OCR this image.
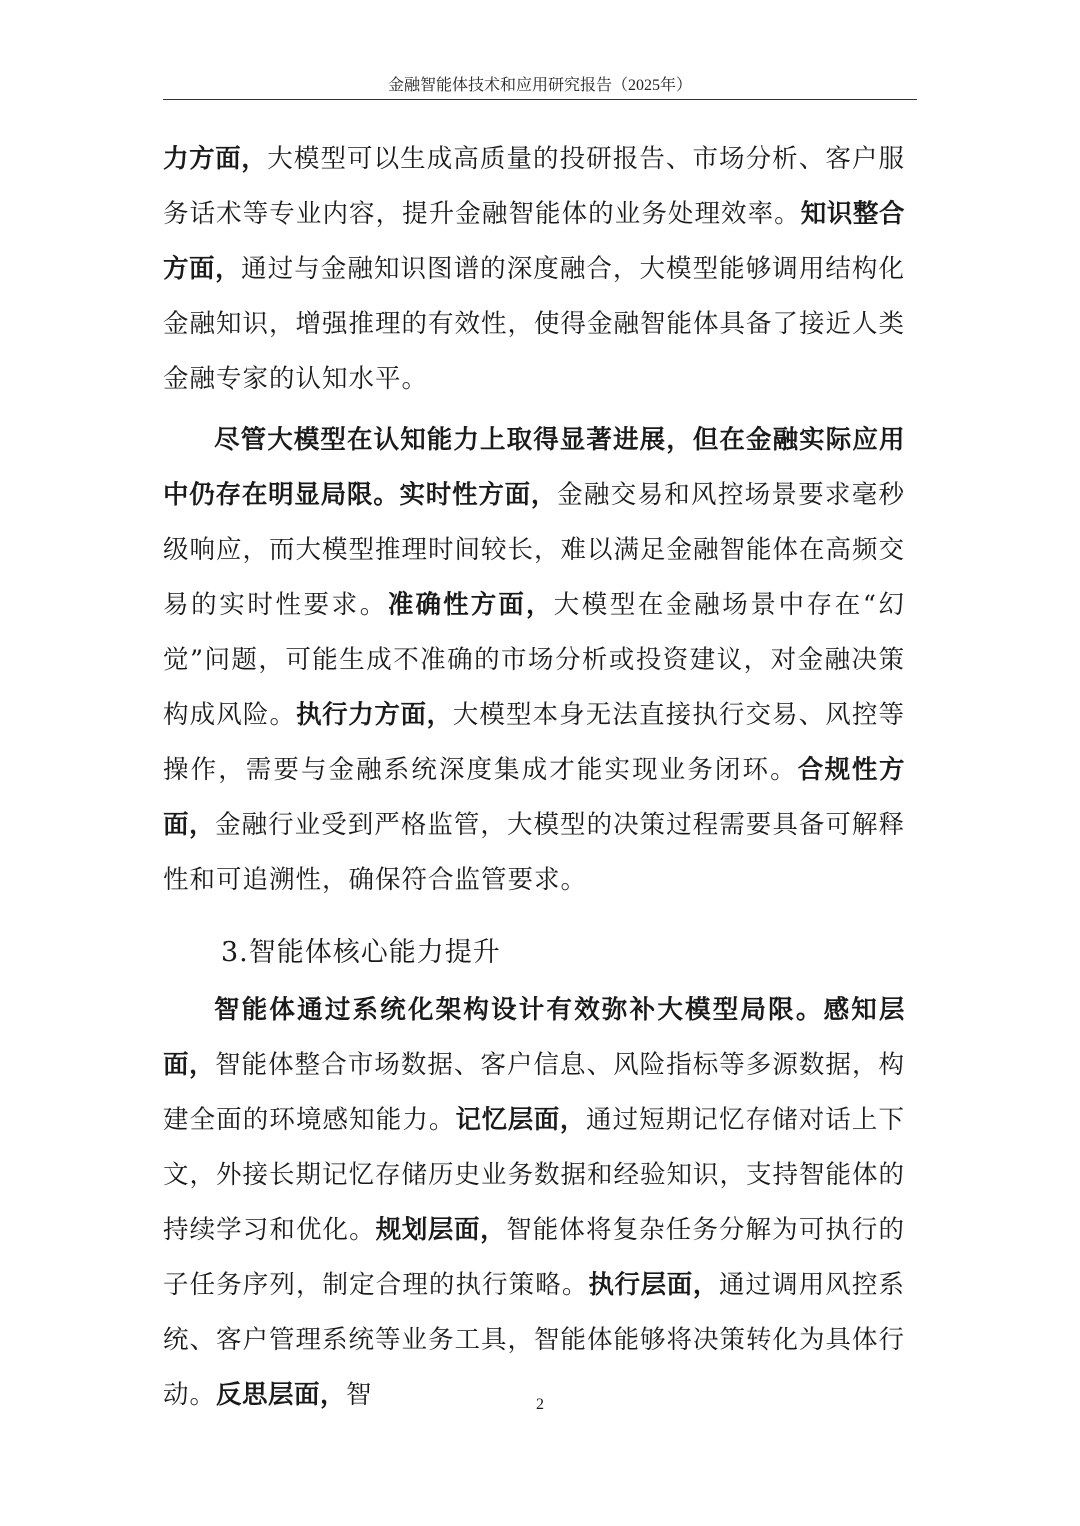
金融智能体技术和应用研究报告（2025年）

力方面，大模型可以生成高质量的投研报告、市场分析、客户服务话术等专业内容，提升金融智能体的业务处理效率。知识整合方面，通过与金融知识图谱的深度融合，大模型能够调用结构化金融知识，增强推理的有效性，使得金融智能体具备了接近人类金融专家的认知水平。

尽管大模型在认知能力上取得显著进展，但在金融实际应用中仍存在明显局限。实时性方面，金融交易和风控场景要求毫秒级响应，而大模型推理时间较长，难以满足金融智能体在高频交易的实时性要求。准确性方面，大模型在金融场景中存在“幻觉”问题，可能生成不准确的市场分析或投资建议，对金融决策构成风险。执行力方面，大模型本身无法直接执行交易、风控等操作，需要与金融系统深度集成才能实现业务闭环。合规性方面，金融行业受到严格监管，大模型的决策过程需要具备可解释性和可追溯性，确保符合监管要求。

3.智能体核心能力提升

智能体通过系统化架构设计有效弥补大模型局限。感知层面，智能体整合市场数据、客户信息、风险指标等多源数据，构建全面的环境感知能力。记忆层面，通过短期记忆存储对话上下文，外接长期记忆存储历史业务数据和经验知识，支持智能体的持续学习和优化。规划层面，智能体将复杂任务分解为可执行的子任务序列，制定合理的执行策略。执行层面，通过调用风控系统、客户管理系统等业务工具，智能体能够将决策转化为具体行动。反思层面，智	2
